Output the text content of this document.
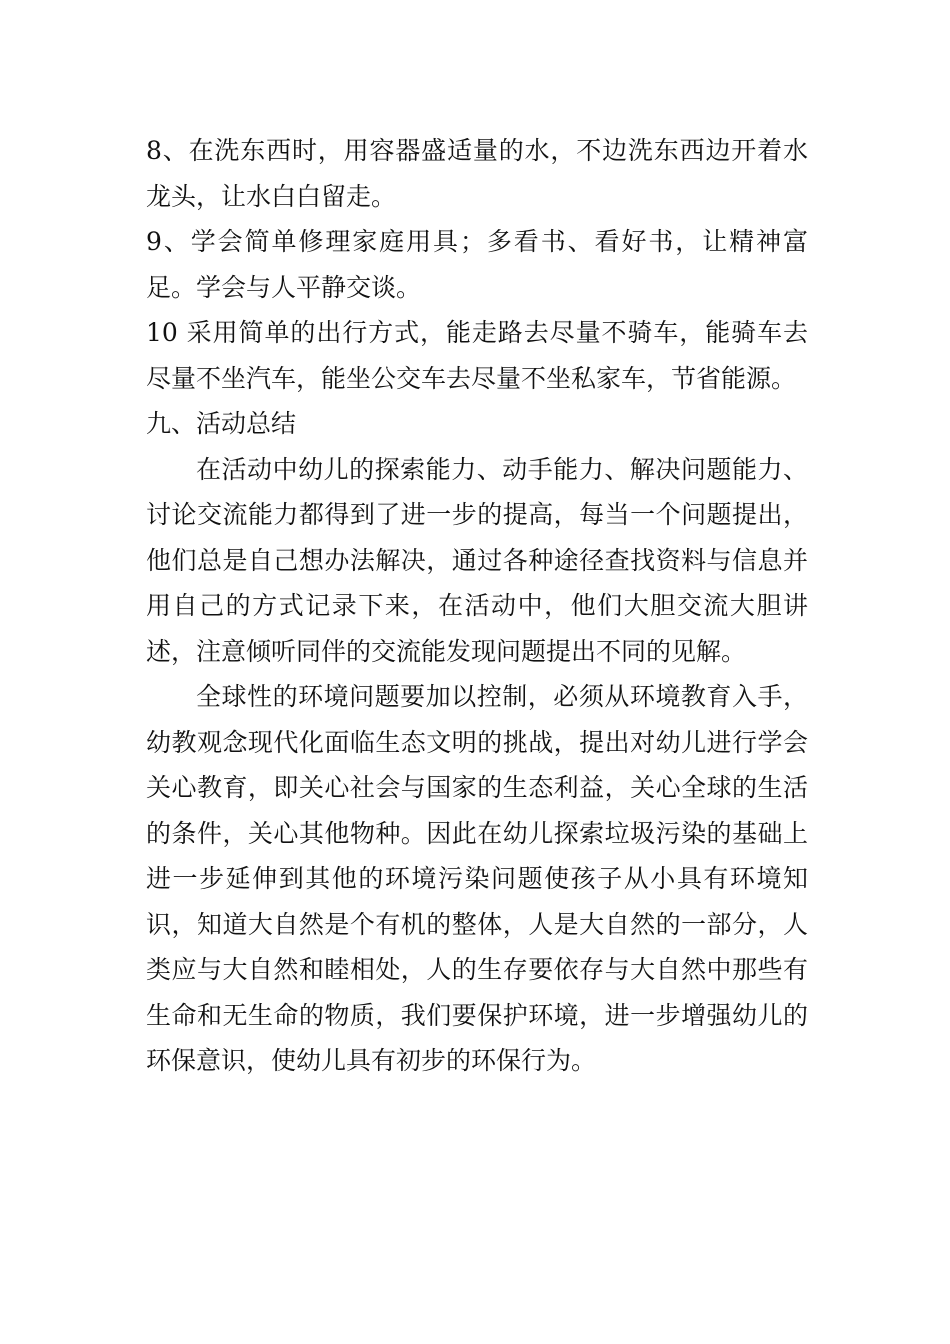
8、在洗东西时，用容器盛适量的水，不边洗东西边开着水龙头，让水白白留走。

9、学会简单修理家庭用具；多看书、看好书，让精神富足。学会与人平静交谈。

10 采用简单的出行方式，能走路去尽量不骑车，能骑车去尽量不坐汽车，能坐公交车去尽量不坐私家车，节省能源。

九、活动总结

在活动中幼儿的探索能力、动手能力、解决问题能力、讨论交流能力都得到了进一步的提高，每当一个问题提出，他们总是自己想办法解决，通过各种途径查找资料与信息并用自己的方式记录下来，在活动中，他们大胆交流大胆讲述，注意倾听同伴的交流能发现问题提出不同的见解。

全球性的环境问题要加以控制，必须从环境教育入手，幼教观念现代化面临生态文明的挑战，提出对幼儿进行学会关心教育，即关心社会与国家的生态利益，关心全球的生活的条件，关心其他物种。因此在幼儿探索垃圾污染的基础上进一步延伸到其他的环境污染问题使孩子从小具有环境知识，知道大自然是个有机的整体，人是大自然的一部分，人类应与大自然和睦相处，人的生存要依存与大自然中那些有生命和无生命的物质，我们要保护环境，进一步增强幼儿的环保意识，使幼儿具有初步的环保行为。
